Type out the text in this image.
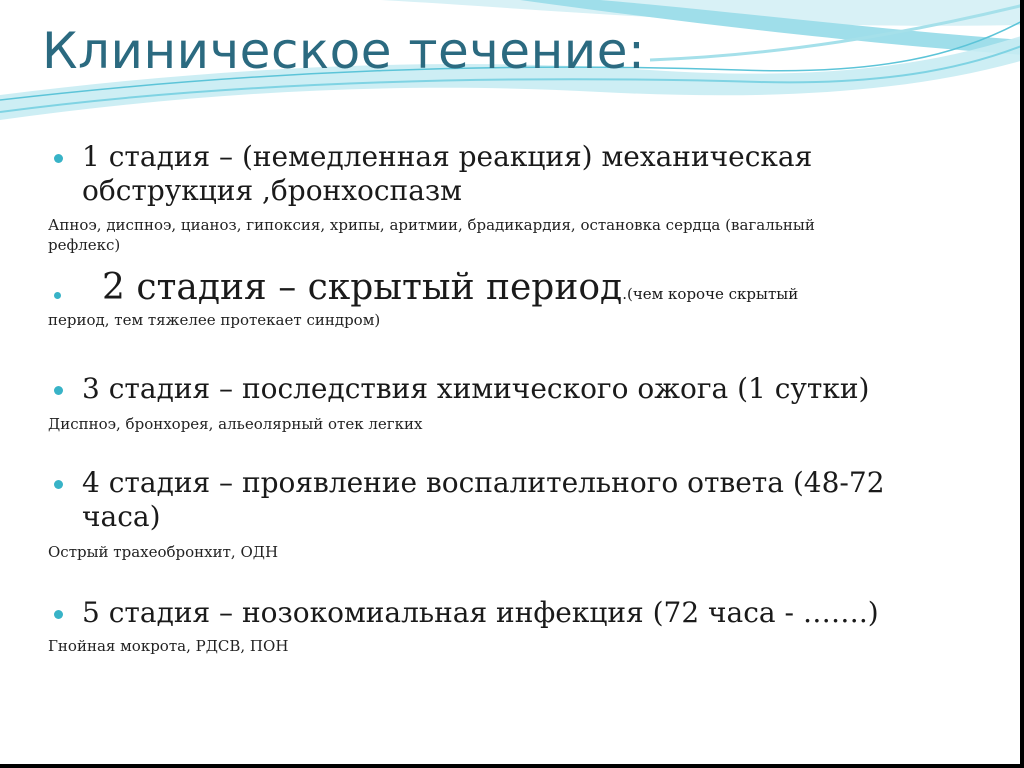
Клиническое течение:
1 стадия – (немедленная реакция) механическая обструкция ,бронхоспазм
Апноэ, диспноэ, цианоз, гипоксия, хрипы, аритмии, брадикардия, остановка сердца (вагальный рефлекс)
2 стадия – скрытый период.(чем короче скрытый
период, тем тяжелее протекает синдром)
3 стадия – последствия химического ожога (1 сутки)
Диспноэ, бронхорея, альеолярный отек легких
4 стадия – проявление воспалительного ответа (48-72 часа)
Острый трахеобронхит, ОДН
5 стадия – нозокомиальная инфекция (72 часа - …….)
Гнойная мокрота, РДСВ, ПОН
